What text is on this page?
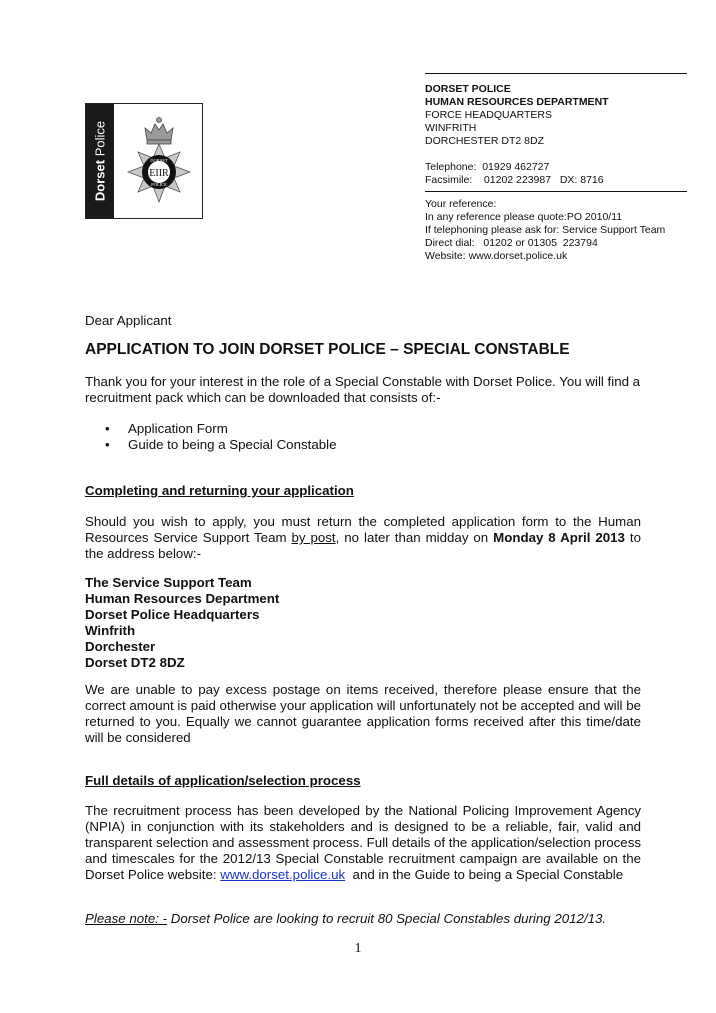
Dorset Police
EIIR
DORSET
POLICE
DORSET POLICE
HUMAN RESOURCES DEPARTMENT
FORCE HEADQUARTERS
WINFRITH
DORCHESTER DT2 8DZ
Telephone:  01929 462727
Facsimile:    01202 223987   DX: 8716
Your reference:
In any reference please quote:PO 2010/11
If telephoning please ask for: Service Support Team
Direct dial:   01202 or 01305  223794
Website: www.dorset.police.uk
Dear Applicant
APPLICATION TO JOIN DORSET POLICE – SPECIAL CONSTABLE
Thank you for your interest in the role of a Special Constable with Dorset Police. You will find a recruitment pack which can be downloaded that consists of:-
• Application Form
• Guide to being a Special Constable
Completing and returning your application
Should you wish to apply, you must return the completed application form to the Human Resources Service Support Team by post, no later than midday on Monday 8 April 2013 to the address below:-
The Service Support Team
Human Resources Department
Dorset Police Headquarters
Winfrith
Dorchester
Dorset DT2 8DZ
We are unable to pay excess postage on items received, therefore please ensure that the correct amount is paid otherwise your application will unfortunately not be accepted and will be returned to you. Equally we cannot guarantee application forms received after this time/date will be considered
Full details of application/selection process
The recruitment process has been developed by the National Policing Improvement Agency (NPIA) in conjunction with its stakeholders and is designed to be a reliable, fair, valid and transparent selection and assessment process. Full details of the application/selection process and timescales for the 2012/13 Special Constable recruitment campaign are available on the Dorset Police website: www.dorset.police.uk  and in the Guide to being a Special Constable
Please note: - Dorset Police are looking to recruit 80 Special Constables during 2012/13.
1
